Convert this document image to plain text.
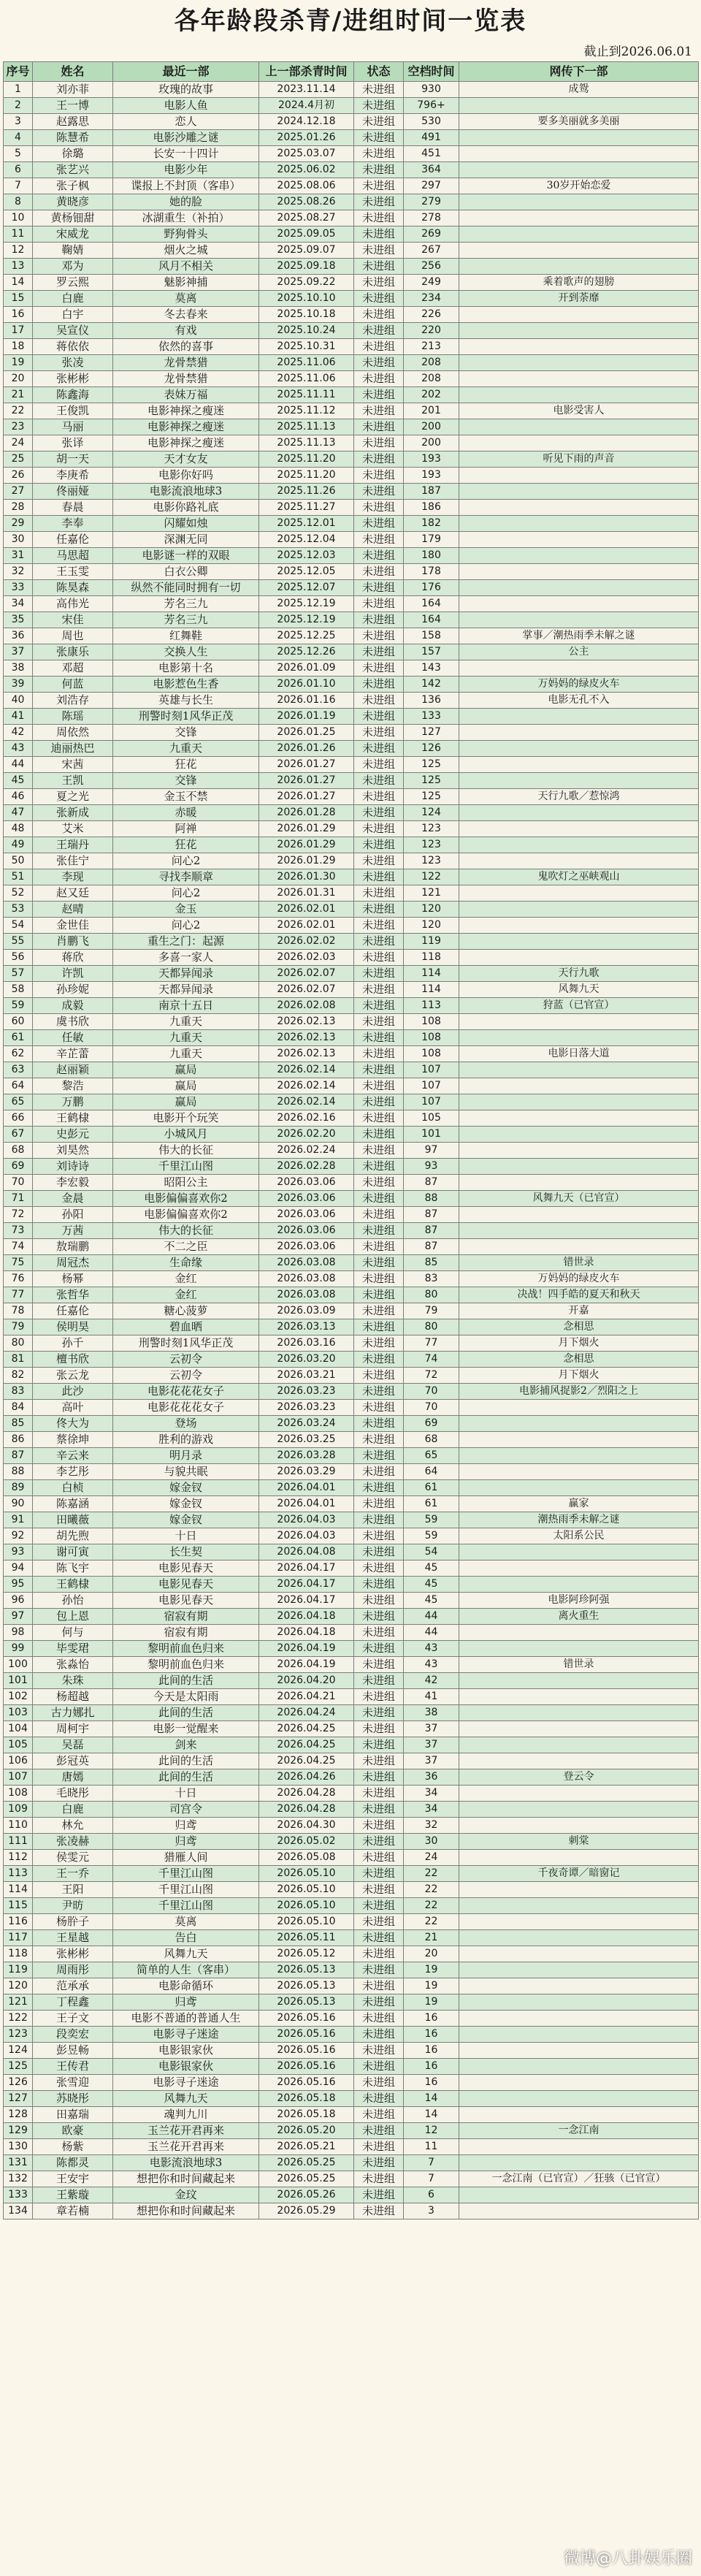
各年龄段杀青/进组时间一览表
截止到2026.06.01
序号	姓名	最近一部	上一部杀青时间	状态	空档时间	网传下一部
1	刘亦菲	玫瑰的故事	2023.11.14	未进组	930	成鸳
2	王一博	电影人鱼	2024.4月初	未进组	796+	
3	赵露思	恋人	2024.12.18	未进组	530	要多美丽就多美丽
4	陈慧希	电影沙雕之谜	2025.01.26	未进组	491	
5	徐璐	长安一十四计	2025.03.07	未进组	451	
6	张艺兴	电影少年	2025.06.02	未进组	364	
7	张子枫	谍报上不封顶（客串）	2025.08.06	未进组	297	30岁开始恋爱
8	黄晓彦	她的脸	2025.08.26	未进组	279	
10	黄杨钿甜	冰湖重生（补拍）	2025.08.27	未进组	278	
11	宋威龙	野狗骨头	2025.09.05	未进组	269	
12	鞠婧	烟火之城	2025.09.07	未进组	267	
13	邓为	风月不相关	2025.09.18	未进组	256	
14	罗云熙	魅影神捕	2025.09.22	未进组	249	乘着歌声的翅膀
15	白鹿	莫离	2025.10.10	未进组	234	开到荼靡
16	白宇	冬去春来	2025.10.18	未进组	226	
17	吴宣仪	有戏	2025.10.24	未进组	220	
18	蒋依依	依然的喜事	2025.10.31	未进组	213	
19	张凌	龙骨禁猎	2025.11.06	未进组	208	
20	张彬彬	龙骨禁猎	2025.11.06	未进组	208	
21	陈鑫海	表妹万福	2025.11.11	未进组	202	
22	王俊凯	电影神探之瘦迷	2025.11.12	未进组	201	电影受害人
23	马丽	电影神探之瘦迷	2025.11.13	未进组	200	
24	张译	电影神探之瘦迷	2025.11.13	未进组	200	
25	胡一天	天才女友	2025.11.20	未进组	193	听见下雨的声音
26	李庚希	电影你好吗	2025.11.20	未进组	193	
27	佟丽娅	电影流浪地球3	2025.11.26	未进组	187	
28	春晨	电影你路礼底	2025.11.27	未进组	186	
29	李奉	闪耀如烛	2025.12.01	未进组	182	
30	任嘉伦	深渊无同	2025.12.04	未进组	179	
31	马思超	电影谜一样的双眼	2025.12.03	未进组	180	
32	王玉雯	白衣公卿	2025.12.05	未进组	178	
33	陈昊森	纵然不能同时拥有一切	2025.12.07	未进组	176	
34	高伟光	芳名三九	2025.12.19	未进组	164	
35	宋佳	芳名三九	2025.12.19	未进组	164	
36	周也	红舞鞋	2025.12.25	未进组	158	掌事／潮热雨季未解之谜
37	张康乐	交换人生	2025.12.26	未进组	157	公主
38	邓超	电影第十名	2026.01.09	未进组	143	
39	何蓝	电影惹色生香	2026.01.10	未进组	142	万妈妈的绿皮火车
40	刘浩存	英雄与长生	2026.01.16	未进组	136	电影无孔不入
41	陈瑶	刑警时刻1风华正茂	2026.01.19	未进组	133	
42	周依然	交锋	2026.01.25	未进组	127	
43	迪丽热巴	九重天	2026.01.26	未进组	126	
44	宋茜	狂花	2026.01.27	未进组	125	
45	王凯	交锋	2026.01.27	未进组	125	
46	夏之光	金玉不禁	2026.01.27	未进组	125	天行九歌／惹惊鸿
47	张新成	赤暖	2026.01.28	未进组	124	
48	艾米	阿禅	2026.01.29	未进组	123	
49	王瑞丹	狂花	2026.01.29	未进组	123	
50	张佳宁	问心2	2026.01.29	未进组	123	
51	李现	寻找李顺章	2026.01.30	未进组	122	鬼吹灯之巫峡观山
52	赵又廷	问心2	2026.01.31	未进组	121	
53	赵晴	金玉	2026.02.01	未进组	120	
54	金世佳	问心2	2026.02.01	未进组	120	
55	肖鹏飞	重生之门：起源	2026.02.02	未进组	119	
56	蒋欣	多喜一家人	2026.02.03	未进组	118	
57	许凯	天都异闻录	2026.02.07	未进组	114	天行九歌
58	孙珍妮	天都异闻录	2026.02.07	未进组	114	风舞九天
59	成毅	南京十五日	2026.02.08	未进组	113	狩蓝（已官宣）
60	虞书欣	九重天	2026.02.13	未进组	108	
61	任敏	九重天	2026.02.13	未进组	108	
62	辛芷蕾	九重天	2026.02.13	未进组	108	电影日落大道
63	赵丽颖	赢局	2026.02.14	未进组	107	
64	黎浩	赢局	2026.02.14	未进组	107	
65	万鹏	赢局	2026.02.14	未进组	107	
66	王鹤棣	电影开个玩笑	2026.02.16	未进组	105	
67	史彭元	小城风月	2026.02.20	未进组	101	
68	刘昊然	伟大的长征	2026.02.24	未进组	97	
69	刘诗诗	千里江山图	2026.02.28	未进组	93	
70	李宏毅	昭阳公主	2026.03.06	未进组	87	
71	金晨	电影偏偏喜欢你2	2026.03.06	未进组	88	风舞九天（已官宣）
72	孙阳	电影偏偏喜欢你2	2026.03.06	未进组	87	
73	万茜	伟大的长征	2026.03.06	未进组	87	
74	敖瑞鹏	不二之臣	2026.03.06	未进组	87	
75	周冠杰	生命缘	2026.03.08	未进组	85	错世录
76	杨幂	金红	2026.03.08	未进组	83	万妈妈的绿皮火车
77	张哲华	金红	2026.03.08	未进组	80	决战！四手皓的夏天和秋天
78	任嘉伦	糖心菠萝	2026.03.09	未进组	79	开嘉
79	侯明昊	碧血晒	2026.03.13	未进组	80	念相思
80	孙千	刑警时刻1风华正茂	2026.03.16	未进组	77	月下烟火
81	檀书欣	云初令	2026.03.20	未进组	74	念相思
82	张云龙	云初令	2026.03.21	未进组	72	月下烟火
83	此沙	电影花花花女子	2026.03.23	未进组	70	电影捕风捉影2／烈阳之上
84	高叶	电影花花花女子	2026.03.23	未进组	70	
85	佟大为	登场	2026.03.24	未进组	69	
86	蔡徐坤	胜利的游戏	2026.03.25	未进组	68	
87	辛云来	明月录	2026.03.28	未进组	65	
88	李艺彤	与貌共眠	2026.03.29	未进组	64	
89	白桢	嫁金钗	2026.04.01	未进组	61	
90	陈嘉涵	嫁金钗	2026.04.01	未进组	61	赢家
91	田曦薇	嫁金钗	2026.04.03	未进组	59	潮热雨季未解之谜
92	胡先煦	十日	2026.04.03	未进组	59	太阳系公民
93	谢可寅	长生契	2026.04.08	未进组	54	
94	陈飞宇	电影见春天	2026.04.17	未进组	45	
95	王鹤棣	电影见春天	2026.04.17	未进组	45	
96	孙怡	电影见春天	2026.04.17	未进组	45	电影阿珍阿强
97	包上恩	宿寂有期	2026.04.18	未进组	44	离火重生
98	何与	宿寂有期	2026.04.18	未进组	44	
99	毕雯珺	黎明前血色归来	2026.04.19	未进组	43	
100	张淼怡	黎明前血色归来	2026.04.19	未进组	43	错世录
101	朱珠	此间的生活	2026.04.20	未进组	42	
102	杨超越	今天是太阳雨	2026.04.21	未进组	41	
103	古力娜扎	此间的生活	2026.04.24	未进组	38	
104	周柯宇	电影一觉醒来	2026.04.25	未进组	37	
105	吴磊	剑来	2026.04.25	未进组	37	
106	彭冠英	此间的生活	2026.04.25	未进组	37	
107	唐嫣	此间的生活	2026.04.26	未进组	36	登云令
108	毛晓彤	十日	2026.04.28	未进组	34	
109	白鹿	司宫令	2026.04.28	未进组	34	
110	林允	归鸢	2026.04.30	未进组	32	
111	张凌赫	归鸢	2026.05.02	未进组	30	刺棠
112	侯雯元	猎雁人间	2026.05.08	未进组	24	
113	王一乔	千里江山图	2026.05.10	未进组	22	千夜奇谭／暗窗记
114	王阳	千里江山图	2026.05.10	未进组	22	
115	尹昉	千里江山图	2026.05.10	未进组	22	
116	杨肸子	莫离	2026.05.10	未进组	22	
117	王星越	告白	2026.05.11	未进组	21	
118	张彬彬	风舞九天	2026.05.12	未进组	20	
119	周雨彤	简单的人生（客串）	2026.05.13	未进组	19	
120	范承承	电影命循环	2026.05.13	未进组	19	
121	丁程鑫	归鸢	2026.05.13	未进组	19	
122	王子文	电影不普通的普通人生	2026.05.16	未进组	16	
123	段奕宏	电影寻子迷途	2026.05.16	未进组	16	
124	彭昱畅	电影银家伙	2026.05.16	未进组	16	
125	王传君	电影银家伙	2026.05.16	未进组	16	
126	张雪迎	电影寻子迷途	2026.05.16	未进组	16	
127	苏晓彤	风舞九天	2026.05.18	未进组	14	
128	田嘉瑞	魂判九川	2026.05.18	未进组	14	
129	欧豪	玉兰花开君再来	2026.05.20	未进组	12	一念江南
130	杨紫	玉兰花开君再来	2026.05.21	未进组	11	
131	陈都灵	电影流浪地球3	2026.05.25	未进组	7	
132	王安宇	想把你和时间藏起来	2026.05.25	未进组	7	一念江南（已官宣）／狂骇（已官宣）
133	王紫璇	金玟	2026.05.26	未进组	6	
134	章若楠	想把你和时间藏起来	2026.05.29	未进组	3	
微博@八卦娱乐圈
